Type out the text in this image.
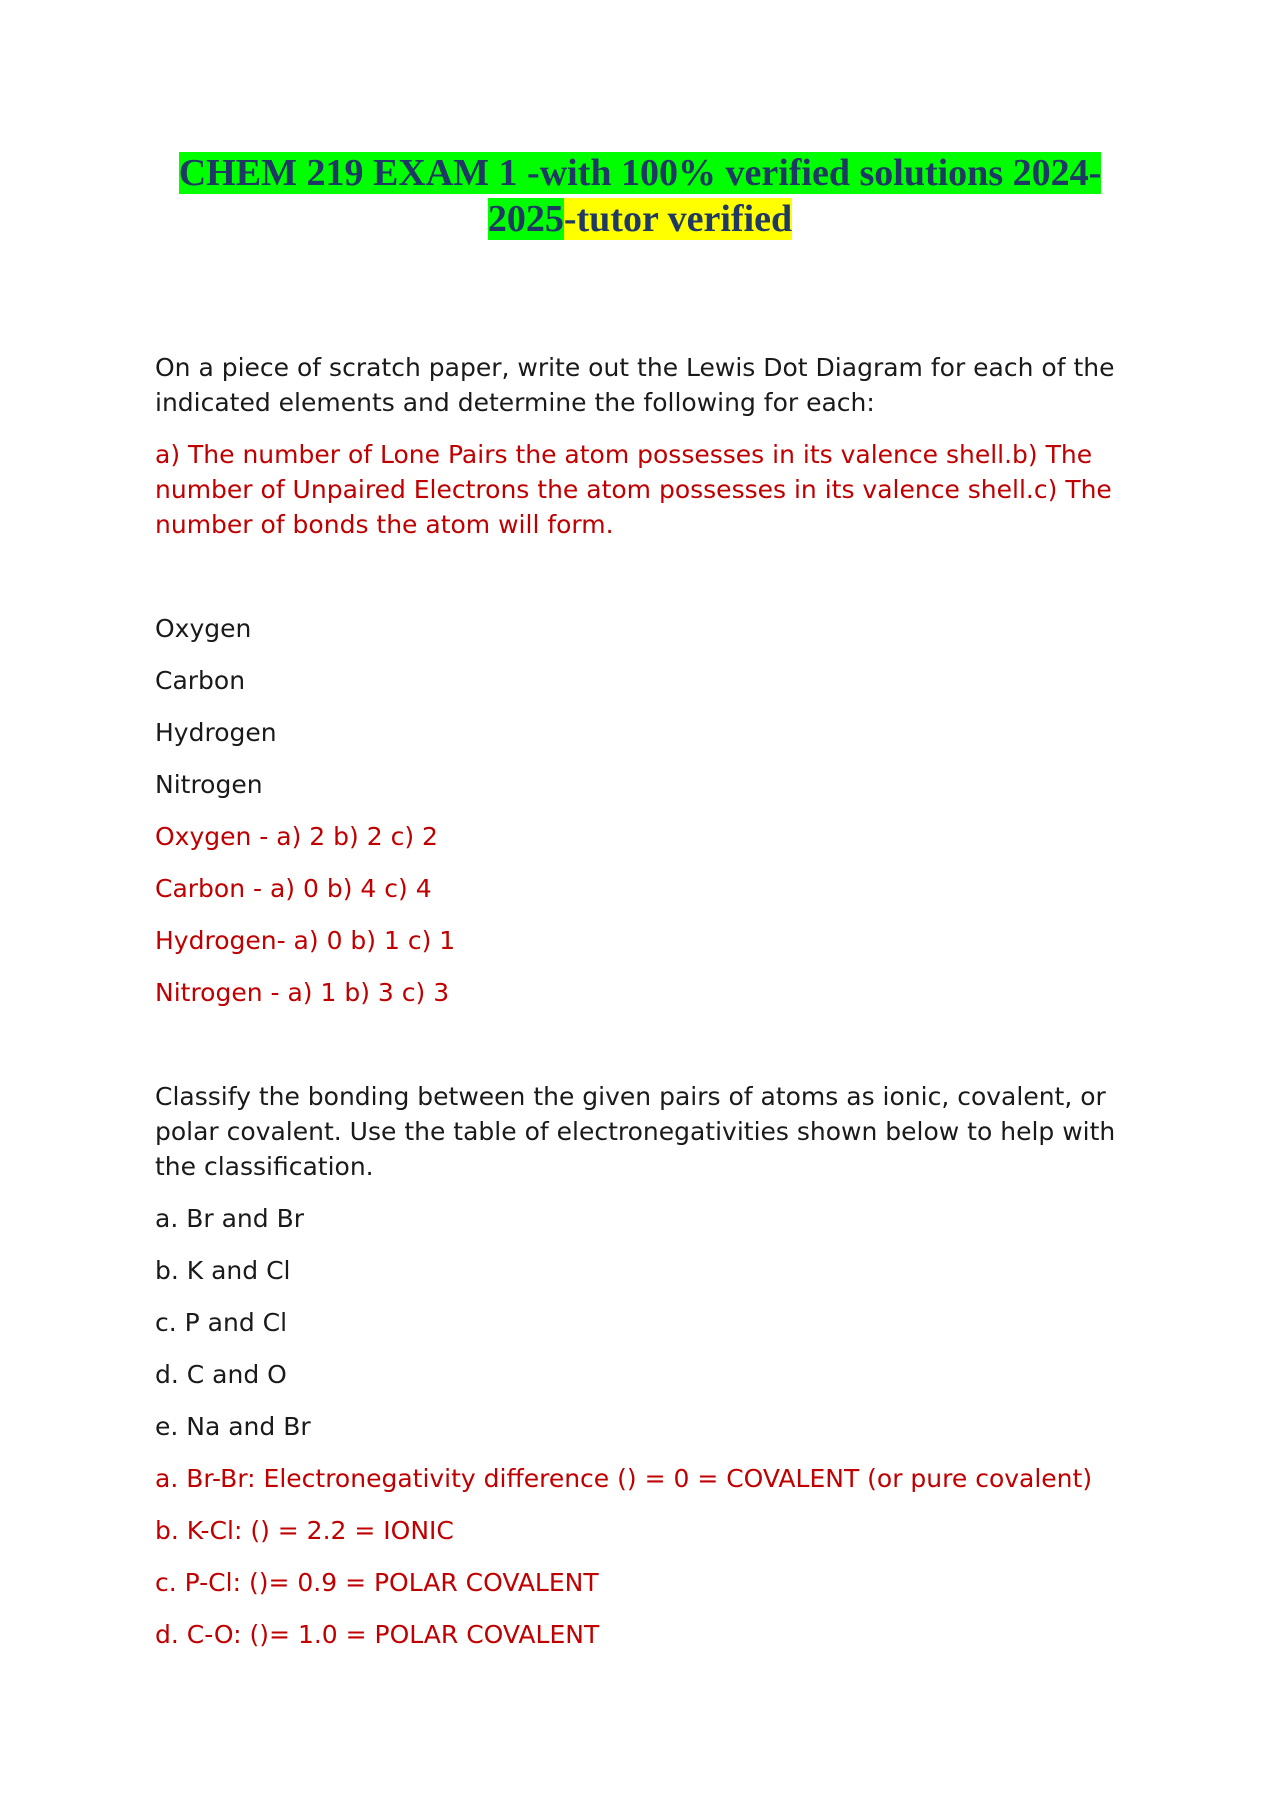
CHEM 219 EXAM 1 -with 100% verified solutions 2024-
2025-tutor verified

On a piece of scratch paper, write out the Lewis Dot Diagram for each of the indicated elements and determine the following for each:

a) The number of Lone Pairs the atom possesses in its valence shell.b) The number of Unpaired Electrons the atom possesses in its valence shell.c) The number of bonds the atom will form.

Oxygen

Carbon

Hydrogen

Nitrogen

Oxygen - a) 2 b) 2 c) 2

Carbon - a) 0 b) 4 c) 4

Hydrogen- a) 0 b) 1 c) 1

Nitrogen - a) 1 b) 3 c) 3

Classify the bonding between the given pairs of atoms as ionic, covalent, or polar covalent. Use the table of electronegativities shown below to help with the classification.

a. Br and Br

b. K and Cl

c. P and Cl

d. C and O

e. Na and Br

a. Br-Br: Electronegativity difference () = 0 = COVALENT (or pure covalent)

b. K-Cl: () = 2.2 = IONIC

c. P-Cl: ()= 0.9 = POLAR COVALENT

d. C-O: ()= 1.0 = POLAR COVALENT
